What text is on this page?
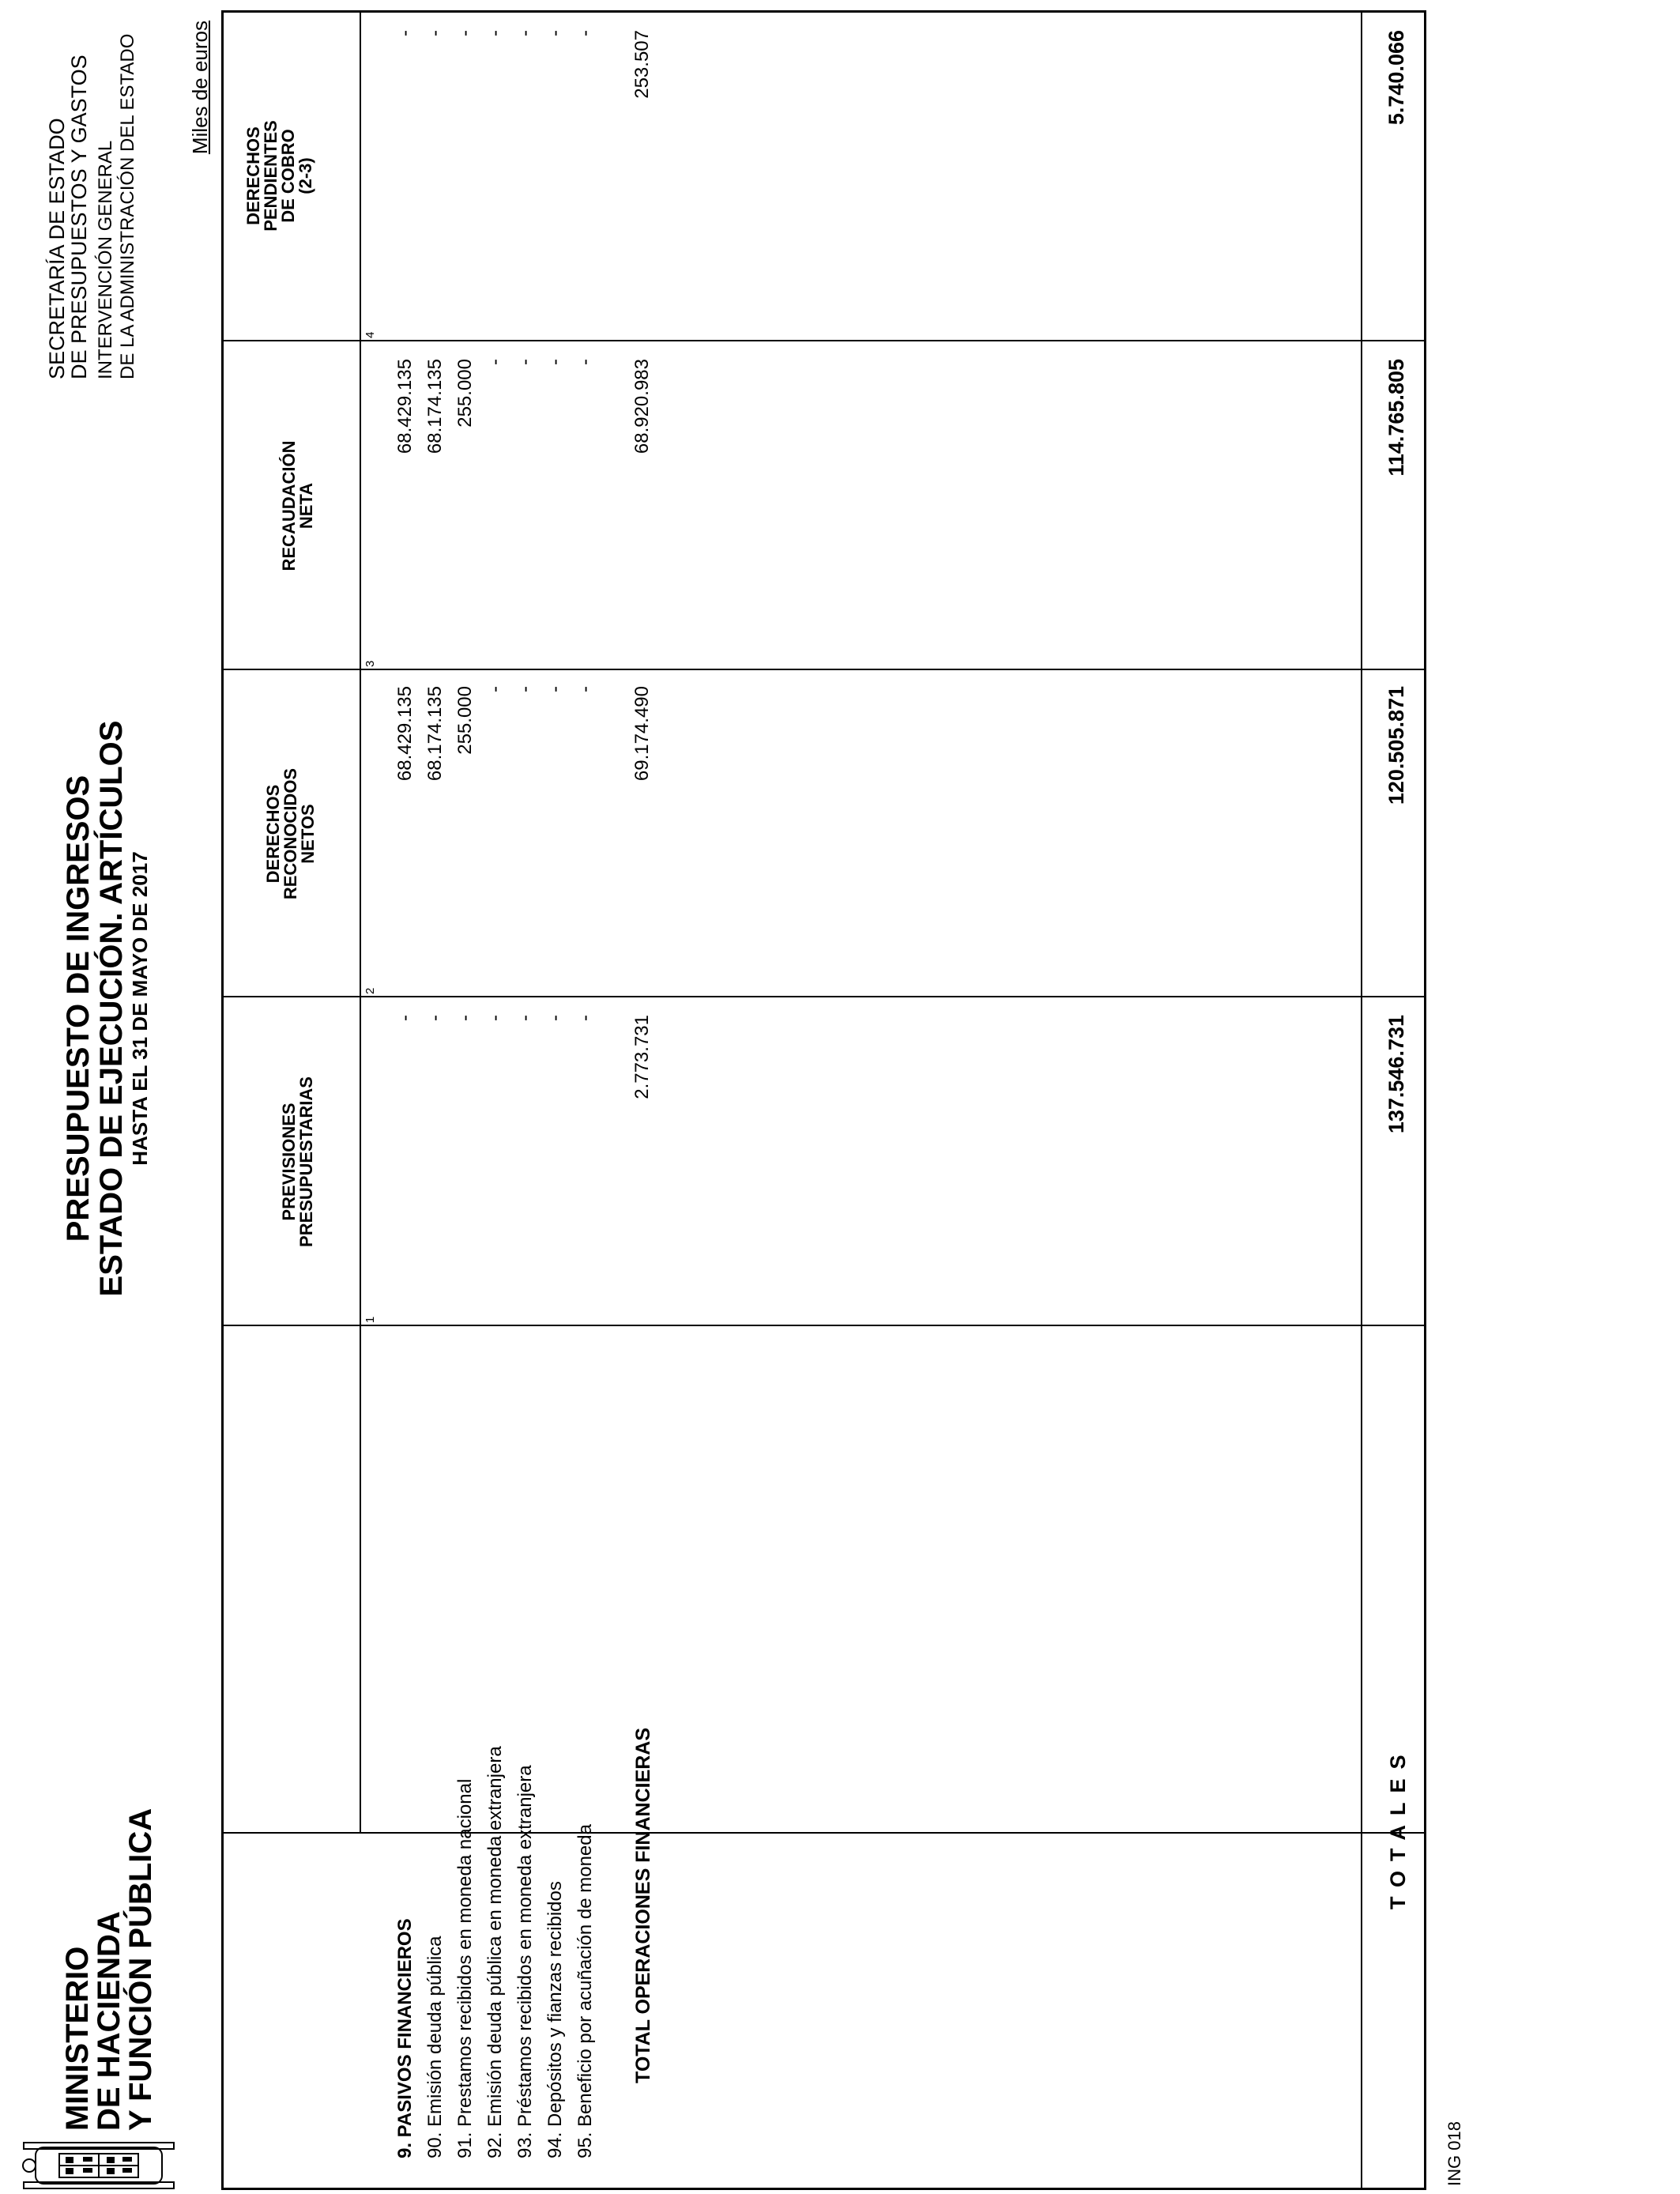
MINISTERIO
DE HACIENDA
Y FUNCIÓN PÚBLICA
PRESUPUESTO DE INGRESOS
ESTADO DE EJECUCIÓN. ARTÍCULOS HASTA EL 31 DE MAYO DE 2017
SECRETARÍA DE ESTADO
DE PRESUPUESTOS Y GASTOS INTERVENCIÓN GENERAL DE LA ADMINISTRACIÓN DEL ESTADO Miles de euros
PREVISIONES
PRESUPUESTARIAS
DERECHOS
RECONOCIDOS
NETOS
RECAUDACIÓN
NETA
DERECHOS
PENDIENTES
DE COBRO
(2-3)
1
2
3
4
9. PASIVOS FINANCIEROS
-
68.429.135
68.429.135
-
90. Emisión deuda pública
-
68.174.135
68.174.135
-
91. Prestamos recibidos en moneda nacional
-
255.000
255.000
-
92. Emisión deuda pública en moneda extranjera
-
-
-
-
93. Préstamos recibidos en moneda extranjera
-
-
-
-
94. Depósitos y fianzas recibidos
-
-
-
-
95. Beneficio por acuñación de moneda
-
-
-
-
TOTAL OPERACIONES FINANCIERAS
2.773.731
69.174.490
68.920.983
253.507
TOTALES
137.546.731
120.505.871
114.765.805
5.740.066
ING 018
